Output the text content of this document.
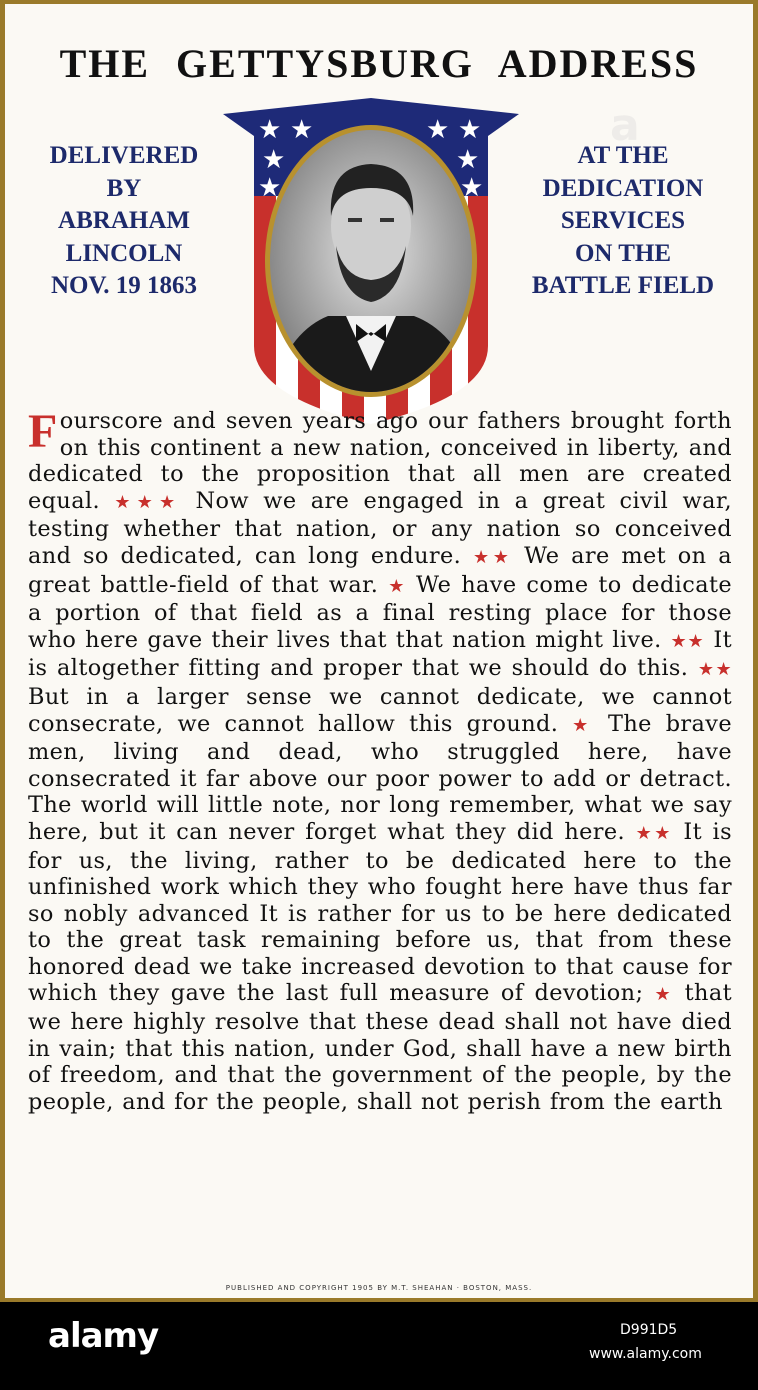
THE GETTYSBURG ADDRESS
a
DELIVERED
BY
ABRAHAM
LINCOLN
NOV. 19 1863
AT THE
DEDICATION
SERVICES
ON THE
BATTLE FIELD
★ ★	★ ★
★	★
★	★
Fourscore and seven years ago our fathers brought forth on this continent a new nation, conceived in liberty, and dedicated to the proposition that all men are created equal. ★★★ Now we are engaged in a great civil war, testing whether that nation, or any nation so conceived and so dedicated, can long endure. ★★ We are met on a great battle-field of that war. ★ We have come to dedicate a portion of that field as a final resting place for those who here gave their lives that that nation might live. ★★ It is altogether fitting and proper that we should do this. ★★ But in a larger sense we cannot dedicate, we cannot consecrate, we cannot hallow this ground. ★ The brave men, living and dead, who struggled here, have consecrated it far above our poor power to add or detract. The world will little note, nor long remember, what we say here, but it can never forget what they did here. ★★ It is for us, the living, rather to be dedicated here to the unfinished work which they who fought here have thus far so nobly advanced It is rather for us to be here dedicated to the great task remaining before us, that from these honored dead we take increased devotion to that cause for which they gave the last full measure of devotion; ★ that we here highly resolve that these dead shall not have died in vain; that this nation, under God, shall have a new birth of freedom, and that the government of the people, by the people, and for the people, shall not perish from the earth
PUBLISHED AND COPYRIGHT 1905 BY M.T. SHEAHAN · BOSTON, MASS.
alamy	D991D5
www.alamy.com
